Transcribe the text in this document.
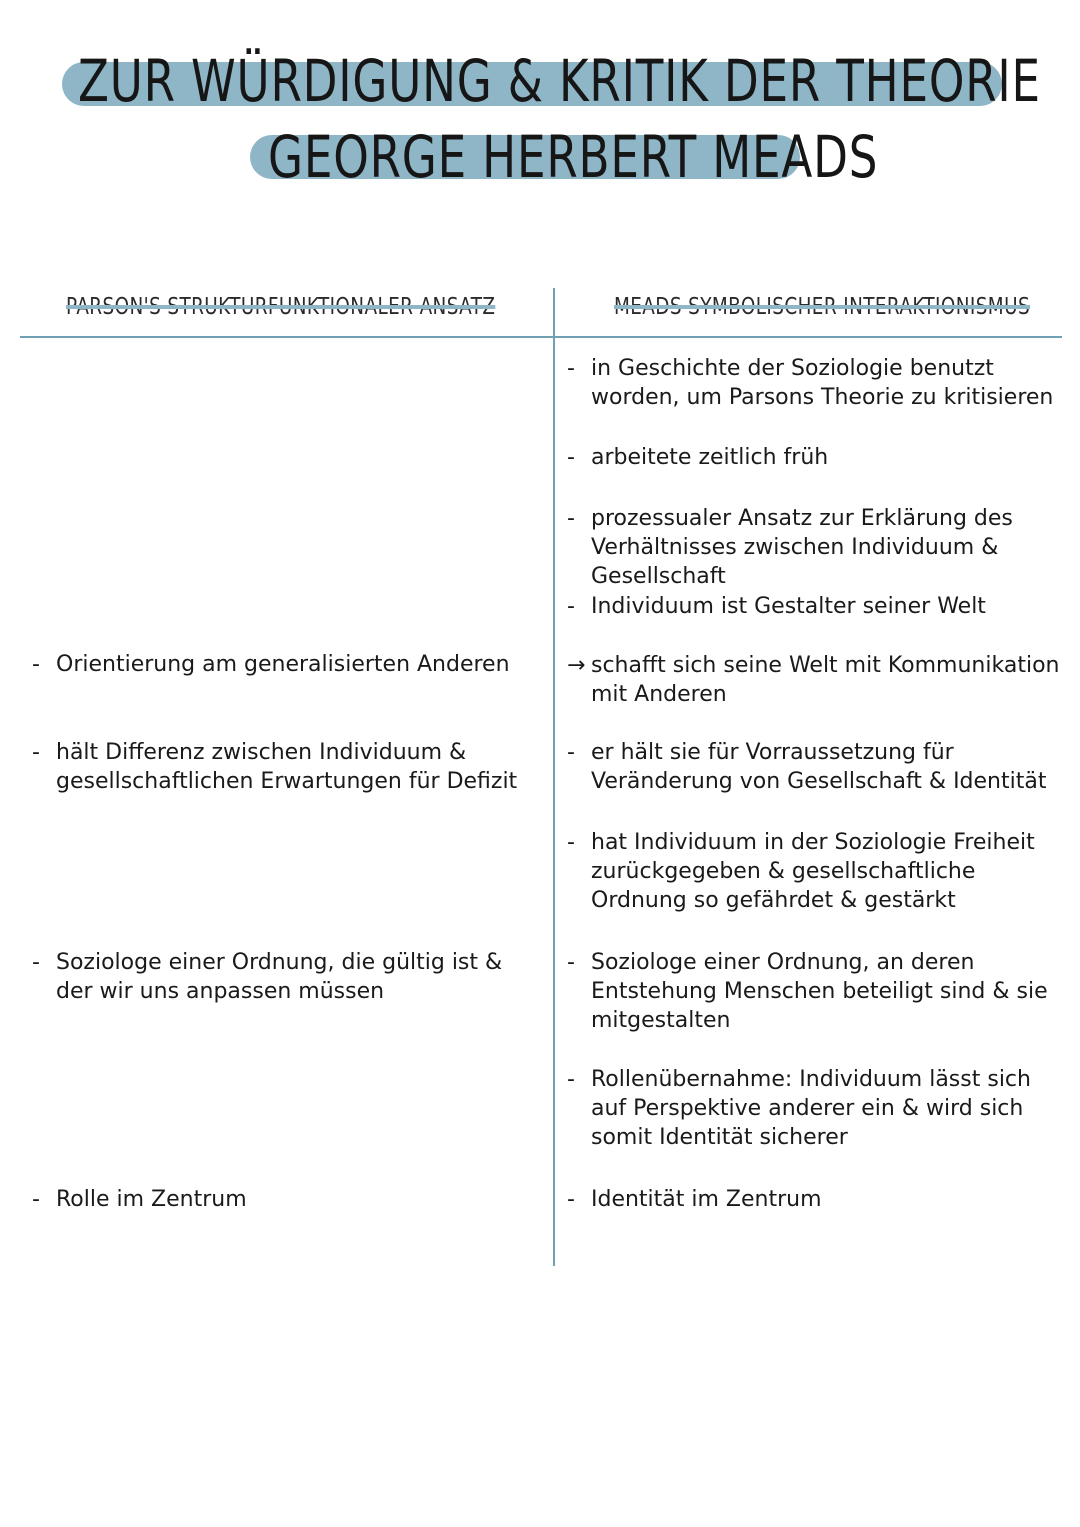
ZUR WÜRDIGUNG & KRITIK DER THEORIE
GEORGE HERBERT MEADS
PARSON'S STRUKTURFUNKTIONALER ANSATZ	MEADS SYMBOLISCHER INTERAKTIONISMUS
- Orientierung am generalisierten Anderen
- hält Differenz zwischen Individuum & gesellschaftlichen Erwartungen für Defizit
- Soziologe einer Ordnung, die gültig ist & der wir uns anpassen müssen
- Rolle im Zentrum
- in Geschichte der Soziologie benutzt worden, um Parsons Theorie zu kritisieren
- arbeitete zeitlich früh
- prozessualer Ansatz zur Erklärung des Verhältnisses zwischen Individuum & Gesellschaft
- Individuum ist Gestalter seiner Welt
→ schafft sich seine Welt mit Kommunikation mit Anderen
- er hält sie für Vorraussetzung für Veränderung von Gesellschaft & Identität
- hat Individuum in der Soziologie Freiheit zurückgegeben & gesellschaftliche Ordnung so gefährdet & gestärkt
- Soziologe einer Ordnung, an deren Entstehung Menschen beteiligt sind & sie mitgestalten
- Rollenübernahme: Individuum lässt sich auf Perspektive anderer ein & wird sich somit Identität sicherer
- Identität im Zentrum
